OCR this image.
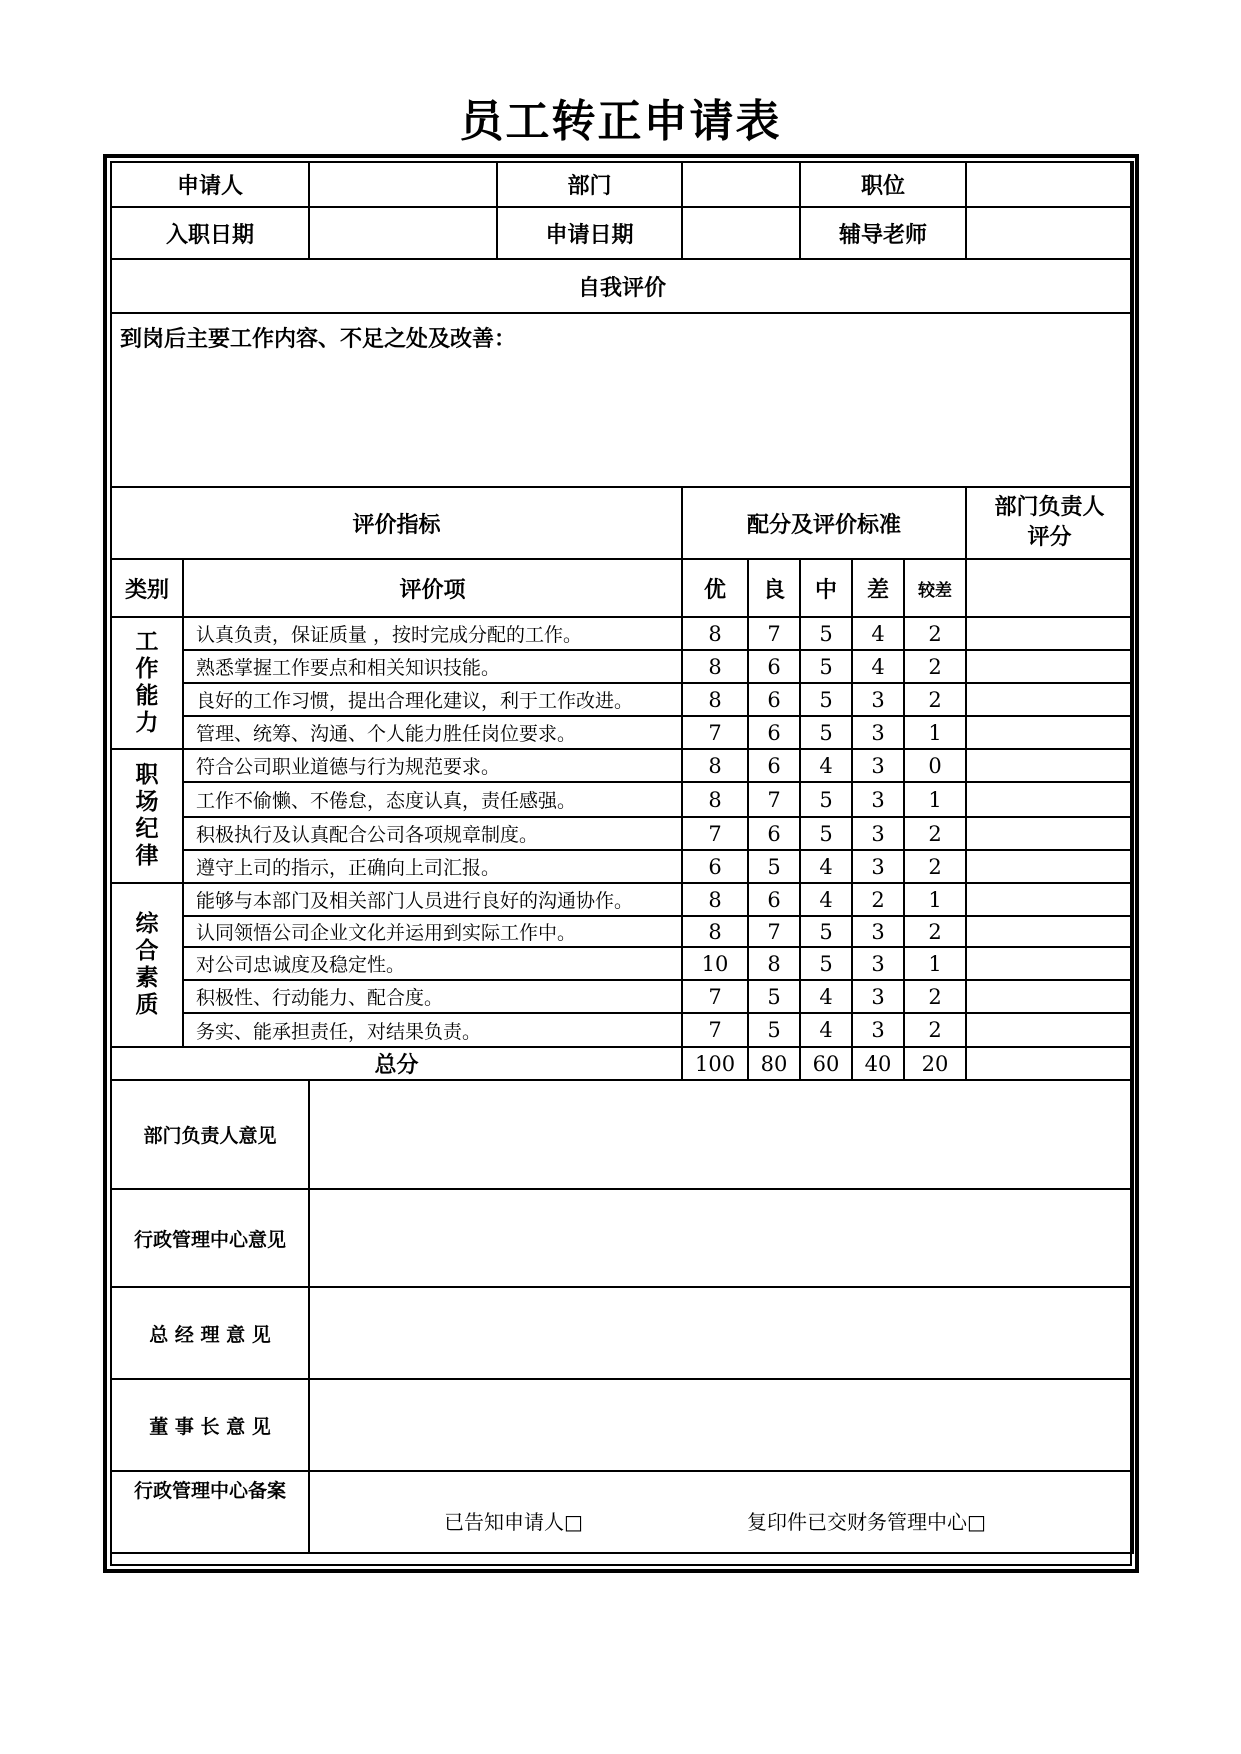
员工转正申请表
申请人			部门			职位			
入职日期			申请日期			辅导老师			
自我评价									
到岗后主要工作内容、不足之处及改善：									
评价指标				配分及评价标准					部门负责人
评分

类别	评价项			优	良	中	差	较差	

工
作
能
力	认真负责，保证质量 ，按时完成分配的工作。			8	7	5	4	2	
	熟悉掌握工作要点和相关知识技能。			8	6	5	4	2	
	良好的工作习惯，提出合理化建议，利于工作改进。			8	6	5	3	2	
	管理、统筹、沟通、个人能力胜任岗位要求。			7	6	5	3	1	

职
场
纪
律	符合公司职业道德与行为规范要求。			8	6	4	3	0	
	工作不偷懒、不倦怠，态度认真，责任感强。			8	7	5	3	1	
	积极执行及认真配合公司各项规章制度。			7	6	5	3	2	
	遵守上司的指示，正确向上司汇报。			6	5	4	3	2	

综
合
素
质	能够与本部门及相关部门人员进行良好的沟通协作。			8	6	4	2	1	
	认同领悟公司企业文化并运用到实际工作中。			8	7	5	3	2	
	对公司忠诚度及稳定性。			10	8	5	3	1	
	积极性、行动能力、配合度。			7	5	4	3	2	
	务实、能承担责任，对结果负责。			7	5	4	3	2	
总分				100	80	60	40	20	
部门负责人意见									
行政管理中心意见									
总 经 理 意 见									
董 事 长 意 见									
行政管理中心备案		已告知申请人□ 复印件已交财务管理中心□							
